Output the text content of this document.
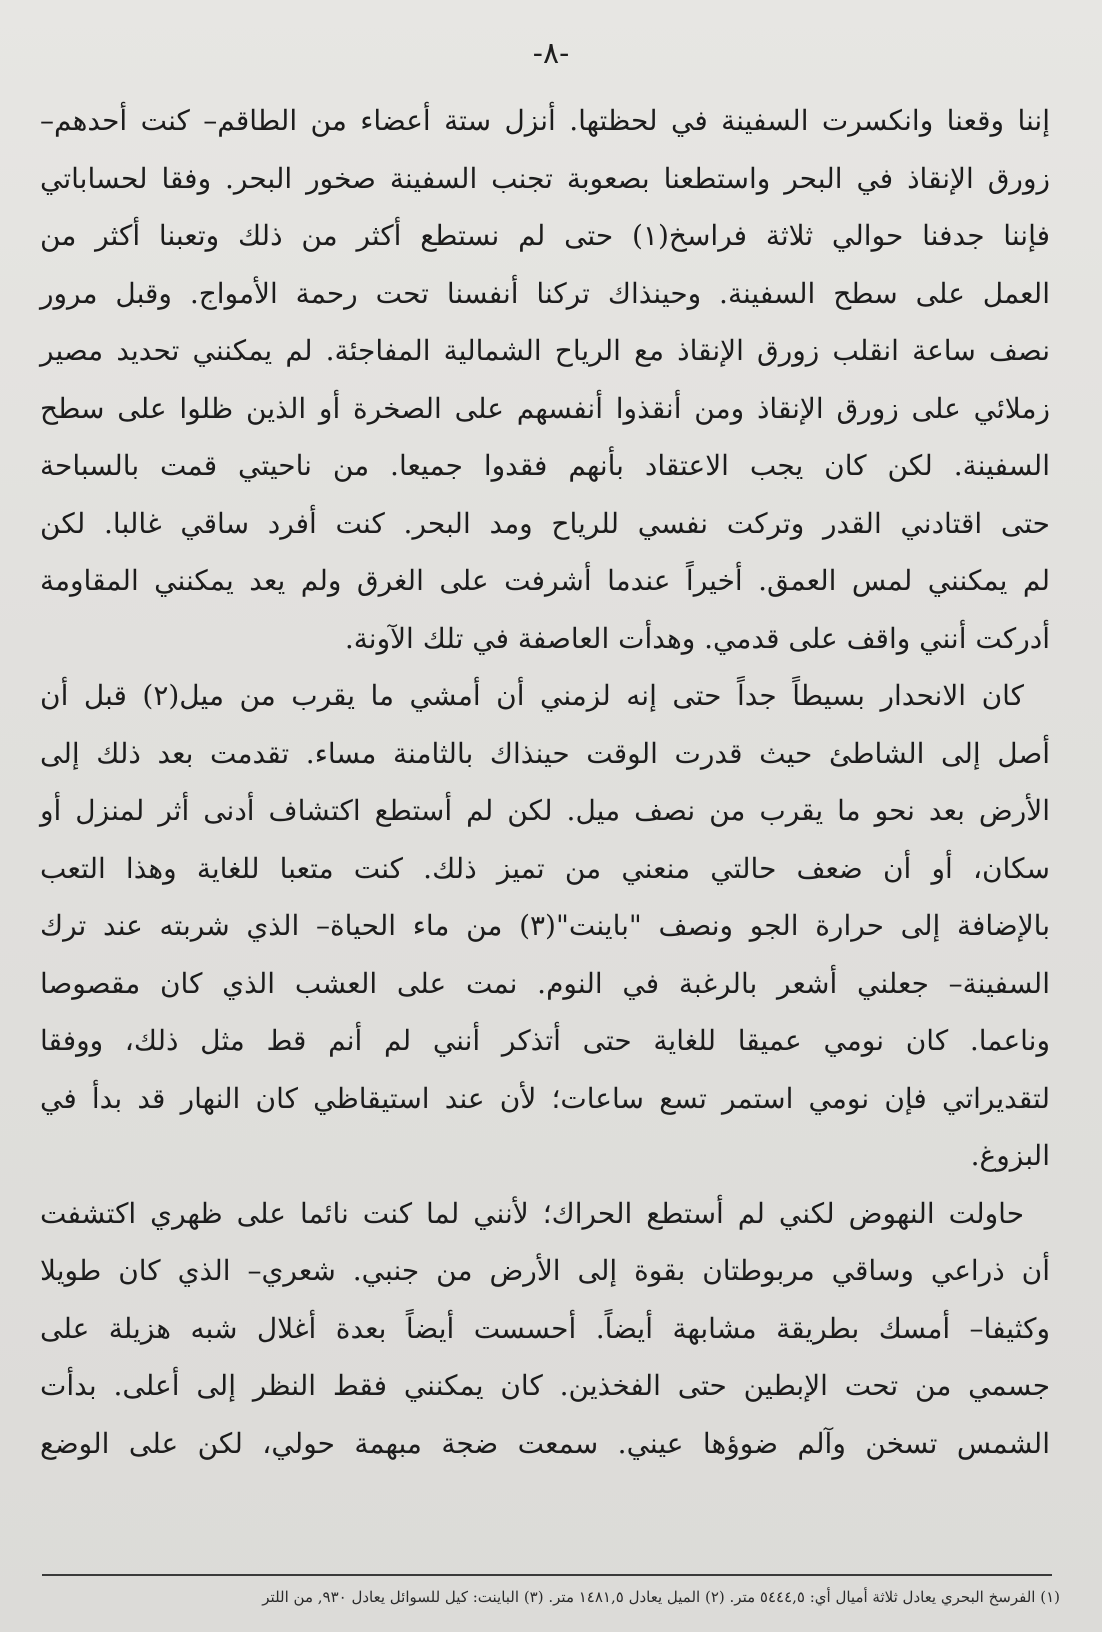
-٨-

إننا وقعنا وانكسرت السفينة في لحظتها. أنزل ستة أعضاء من الطاقم– كنت أحدهم–
زورق الإنقاذ في البحر واستطعنا بصعوبة تجنب السفينة صخور البحر. وفقا لحساباتي
فإننا جدفنا حوالي ثلاثة فراسخ(١) حتى لم نستطع أكثر من ذلك وتعبنا أكثر من
العمل على سطح السفينة. وحينذاك تركنا أنفسنا تحت رحمة الأمواج. وقبل مرور
نصف ساعة انقلب زورق الإنقاذ مع الرياح الشمالية المفاجئة. لم يمكنني تحديد مصير
زملائي على زورق الإنقاذ ومن أنقذوا أنفسهم على الصخرة أو الذين ظلوا على سطح
السفينة. لكن كان يجب الاعتقاد بأنهم فقدوا جميعا. من ناحيتي قمت بالسباحة
حتى اقتادني القدر وتركت نفسي للرياح ومد البحر. كنت أفرد ساقي غالبا. لكن
لم يمكنني لمس العمق. أخيراً عندما أشرفت على الغرق ولم يعد يمكنني المقاومة
أدركت أنني واقف على قدمي. وهدأت العاصفة في تلك الآونة.
كان الانحدار بسيطاً جداً حتى إنه لزمني أن أمشي ما يقرب من ميل(٢) قبل أن
أصل إلى الشاطئ حيث قدرت الوقت حينذاك بالثامنة مساء. تقدمت بعد ذلك إلى
الأرض بعد نحو ما يقرب من نصف ميل. لكن لم أستطع اكتشاف أدنى أثر لمنزل أو
سكان، أو أن ضعف حالتي منعني من تميز ذلك. كنت متعبا للغاية وهذا التعب
بالإضافة إلى حرارة الجو ونصف "باينت"(٣) من ماء الحياة– الذي شربته عند ترك
السفينة– جعلني أشعر بالرغبة في النوم. نمت على العشب الذي كان مقصوصا
وناعما. كان نومي عميقا للغاية حتى أتذكر أنني لم أنم قط مثل ذلك، ووفقا
لتقديراتي فإن نومي استمر تسع ساعات؛ لأن عند استيقاظي كان النهار قد بدأ في
البزوغ.
حاولت النهوض لكني لم أستطع الحراك؛ لأنني لما كنت نائما على ظهري اكتشفت
أن ذراعي وساقي مربوطتان بقوة إلى الأرض من جنبي. شعري– الذي كان طويلا
وكثيفا– أمسك بطريقة مشابهة أيضاً. أحسست أيضاً بعدة أغلال شبه هزيلة على
جسمي من تحت الإبطين حتى الفخذين. كان يمكنني فقط النظر إلى أعلى. بدأت
الشمس تسخن وآلم ضوؤها عيني. سمعت ضجة مبهمة حولي، لكن على الوضع

(١) الفرسخ البحري يعادل ثلاثة أميال أي: ٥٤٤٤,٥ متر. (٢) الميل يعادل ١٤٨١,٥ متر. (٣) الباينت: كيل للسوائل يعادل ٩٣٠, من اللتر
